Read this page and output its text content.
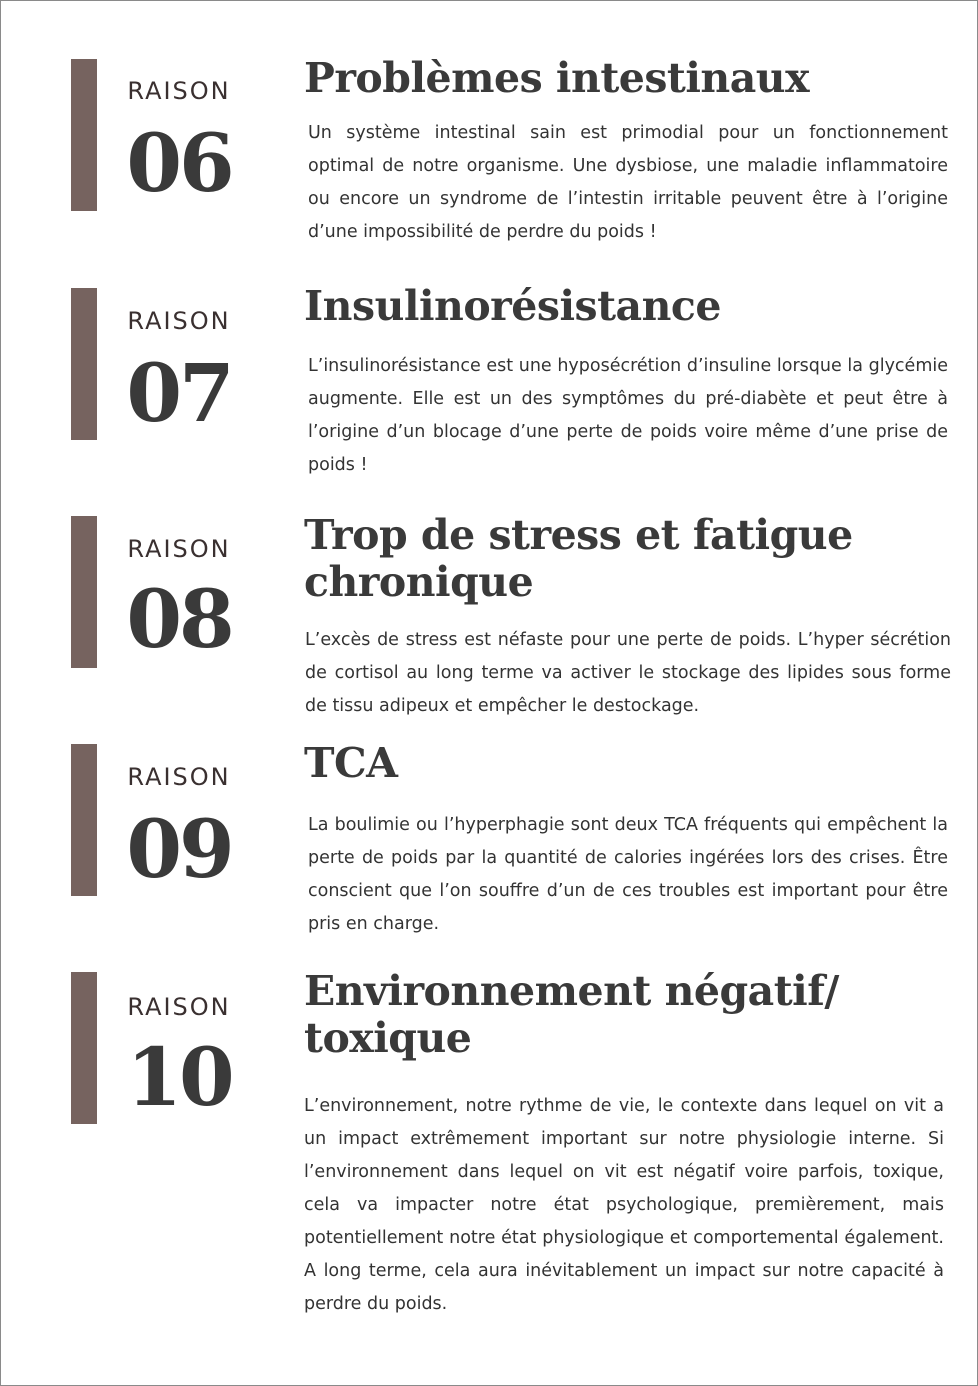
RAISON
06
Problèmes intestinaux

Un système intestinal sain est primodial pour un fonctionnement optimal de notre organisme. Une dysbiose, une maladie inflammatoire ou encore un syndrome de l’intestin irritable peuvent être à l’origine d’une impossibilité de perdre du poids !

RAISON
07
Insulinorésistance

L’insulinorésistance est une hyposécrétion d’insuline lorsque la glycémie augmente. Elle est un des symptômes du pré-diabète et peut être à l’origine d’un blocage d’une perte de poids voire même d’une prise de poids !

RAISON
08
Trop de stress et fatigue chronique

L’excès de stress est néfaste pour une perte de poids. L’hyper sécrétion de cortisol au long terme va activer le stockage des lipides sous forme de tissu adipeux et empêcher le destockage.

RAISON
09
TCA

La boulimie ou l’hyperphagie sont deux TCA fréquents qui empêchent la perte de poids par la quantité de calories ingérées lors des crises. Être conscient que l’on souffre d’un de ces troubles est important pour être pris en charge.

RAISON
10
Environnement négatif/ toxique

L’environnement, notre rythme de vie, le contexte dans lequel on vit a un impact extrêmement important sur notre physiologie interne. Si l’environnement dans lequel on vit est négatif voire parfois, toxique, cela va impacter notre état psychologique, premièrement, mais potentiellement notre état physiologique et comportemental également. A long terme, cela aura inévitablement un impact sur notre capacité à perdre du poids.
